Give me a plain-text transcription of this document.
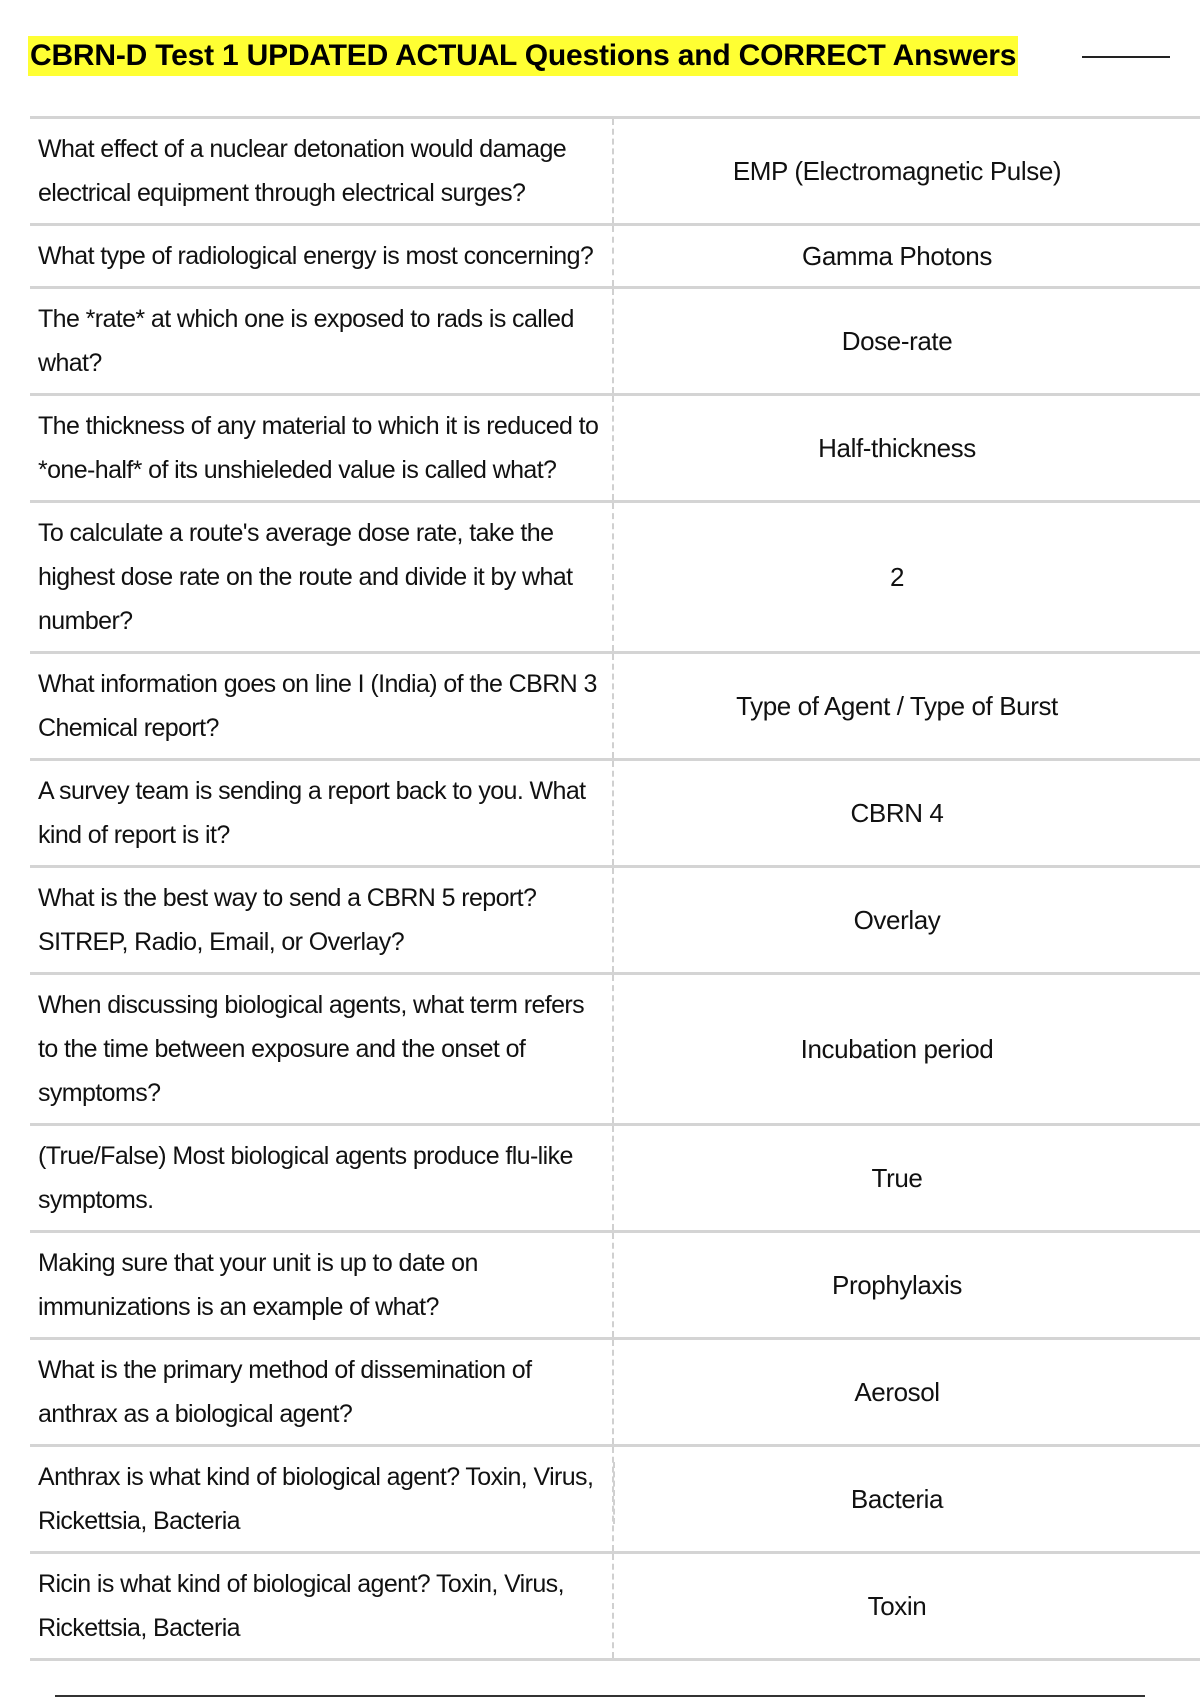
CBRN-D Test 1 UPDATED ACTUAL Questions and CORRECT Answers
What effect of a nuclear detonation would damage electrical equipment through electrical surges?
EMP (Electromagnetic Pulse)
What type of radiological energy is most concerning?	Gamma Photons
The *rate* at which one is exposed to rads is called what?
Dose-rate
The thickness of any material to which it is reduced to *one-half* of its unshieleded value is called what?
Half-thickness
To calculate a route's average dose rate, take the highest dose rate on the route and divide it by what number?
2
What information goes on line I (India) of the CBRN 3 Chemical report?
Type of Agent / Type of Burst
A survey team is sending a report back to you. What kind of report is it?
CBRN 4
What is the best way to send a CBRN 5 report? SITREP, Radio, Email, or Overlay?
Overlay
When discussing biological agents, what term refers to the time between exposure and the onset of symptoms?
Incubation period
(True/False) Most biological agents produce flu-like symptoms.
True
Making sure that your unit is up to date on immunizations is an example of what?
Prophylaxis
What is the primary method of dissemination of anthrax as a biological agent?
Aerosol
Anthrax is what kind of biological agent? Toxin, Virus, Rickettsia, Bacteria
Bacteria
Ricin is what kind of biological agent? Toxin, Virus, Rickettsia, Bacteria
Toxin
